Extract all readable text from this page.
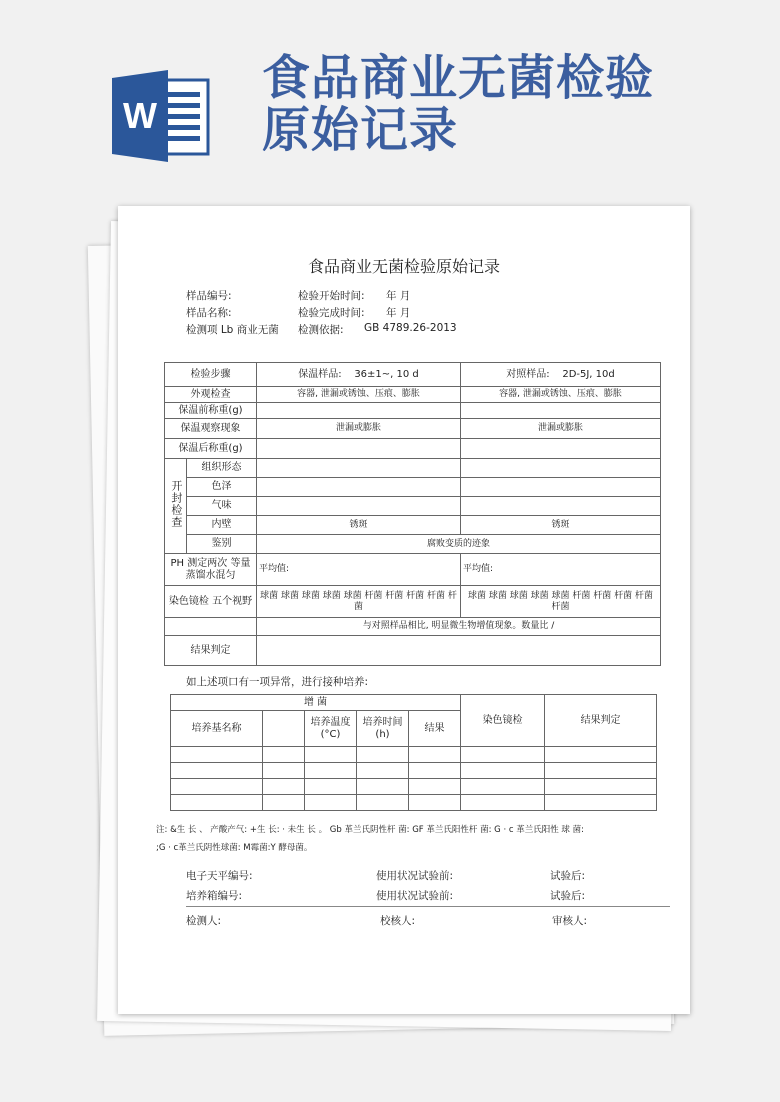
W
食品商业无菌检验原始记录
食品商业无菌检验原始记录
样品编号:	检验开始时间: 年 月
样品名称:	检验完成时间: 年 月
检测项 Lb 商业无菌 检测依据: GB 4789.26-2013
检验步骤		保温样品: 36±1~, 10 d	对照样品: 2D-5J, 10d
外观检查		容器, 泄漏或锈蚀、压痕、膨胀	容器, 泄漏或锈蚀、压痕、膨胀
保温前称重(g)			
保温观察现象		泄漏或膨胀	泄漏或膨胀
保温后称重(g)			
开封检查	组织形态		
	色泽		
	气味		
	内壁	锈斑	锈斑
	鉴别	腐败变质的迹象	
PH 测定两次 等量蒸馏水混匀		平均值:	平均值:
染色镜检 五个视野		球菌 球菌 球菌 球菌 球菌 杆菌 杆菌 杆菌 杆菌 杆菌	球菌 球菌 球菌 球菌 球菌 杆菌 杆菌 杆菌 杆菌 杆菌
		与对照样品相比, 明显微生物增值现象。数量比 /	
结果判定			
如上述项口有一项异常，进行接种培养:
增 菌					染色镜检	结果判定
培养基名称		培养温度(°C)	培养时间(h)	结果		

注: &生 长 、 产酸产气: +生 长: · 未生 长 。 Gb 革兰氏阴性杆 菌: GF 革兰氏阳性杆 菌: G · c 革兰氏阳性 球 菌:
;G · c革兰氏阴性球菌: M霉菌:Y 酵母菌。
电子天平编号:	使用状况试验前:	试验后:
培养箱编号:	使用状况试验前:	试验后:
检测人:	校核人:	审核人:
